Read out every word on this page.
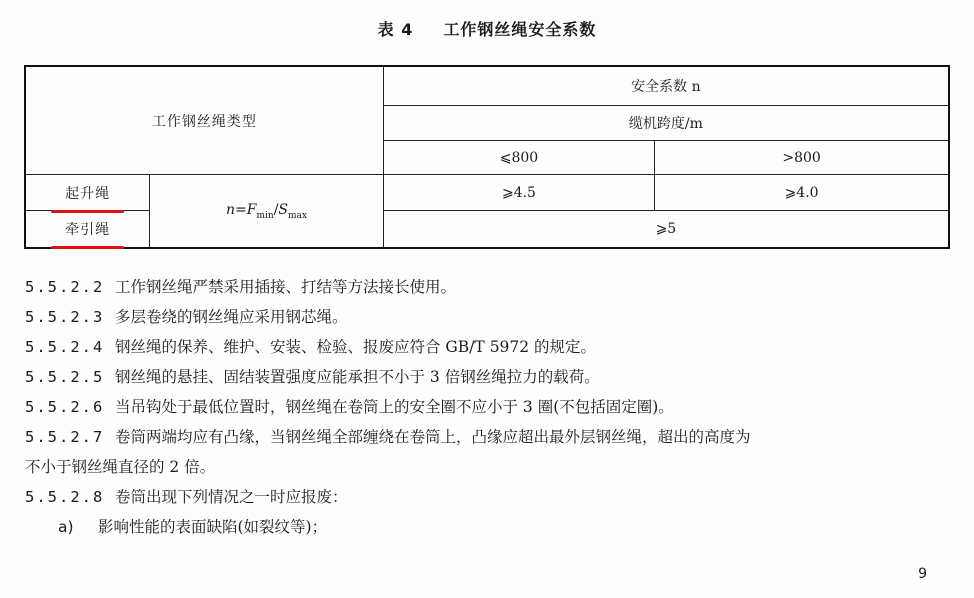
表 4 工作钢丝绳安全系数
工作钢丝绳类型		安全系数 n	
		缆机跨度/m	
		⩽800	>800
起升绳	$n=F_{min}/S_{max}$	⩾4.5	⩾4.0
牵引绳		⩾5	
5.5.2.2 工作钢丝绳严禁采用插接、打结等方法接长使用。
5.5.2.3 多层卷绕的钢丝绳应采用钢芯绳。
5.5.2.4 钢丝绳的保养、维护、安装、检验、报废应符合 GB/T 5972 的规定。
5.5.2.5 钢丝绳的悬挂、固结装置强度应能承担不小于 3 倍钢丝绳拉力的载荷。
5.5.2.6 当吊钩处于最低位置时，钢丝绳在卷筒上的安全圈不应小于 3 圈(不包括固定圈)。
5.5.2.7 卷筒两端均应有凸缘，当钢丝绳全部缠绕在卷筒上，凸缘应超出最外层钢丝绳，超出的高度为
不小于钢丝绳直径的 2 倍。
5.5.2.8 卷筒出现下列情况之一时应报废：
a) 影响性能的表面缺陷(如裂纹等)；
9
